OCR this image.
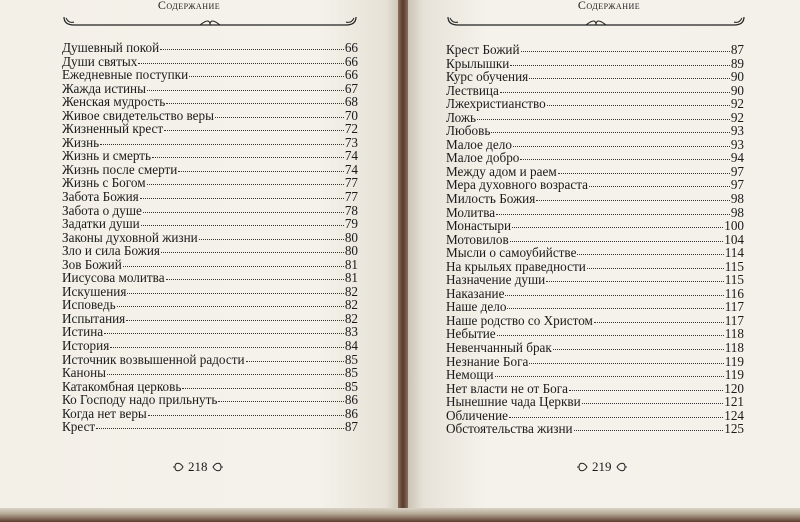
Содержание
Душевный покой	66
Души святых	66
Ежедневные поступки	66
Жажда истины	67
Женская мудрость	68
Живое свидетельство веры	70
Жизненный крест	72
Жизнь	73
Жизнь и смерть	74
Жизнь после смерти	74
Жизнь с Богом	77
Забота Божия	77
Забота о душе	78
Задатки души	79
Законы духовной жизни	80
Зло и сила Божия	80
Зов Божий	81
Иисусова молитва	81
Искушения	82
Исповедь	82
Испытания	82
Истина	83
История	84
Источник возвышенной радости	85
Каноны	85
Катакомбная церковь	85
Ко Господу надо прильнуть	86
Когда нет веры	86
Крест	87
218
Содержание
Крест Божий	87
Крылышки	89
Курс обучения	90
Лествица	90
Лжехристианство	92
Ложь	92
Любовь	93
Малое дело	93
Малое добро	94
Между адом и раем	97
Мера духовного возраста	97
Милость Божия	98
Молитва	98
Монастыри	100
Мотовилов	104
Мысли о самоубийстве	114
На крыльях праведности	115
Назначение души	115
Наказание	116
Наше дело	117
Наше родство со Христом	117
Небытие	118
Невенчанный брак	118
Незнание Бога	119
Немощи	119
Нет власти не от Бога	120
Нынешние чада Церкви	121
Обличение	124
Обстоятельства жизни	125
219
